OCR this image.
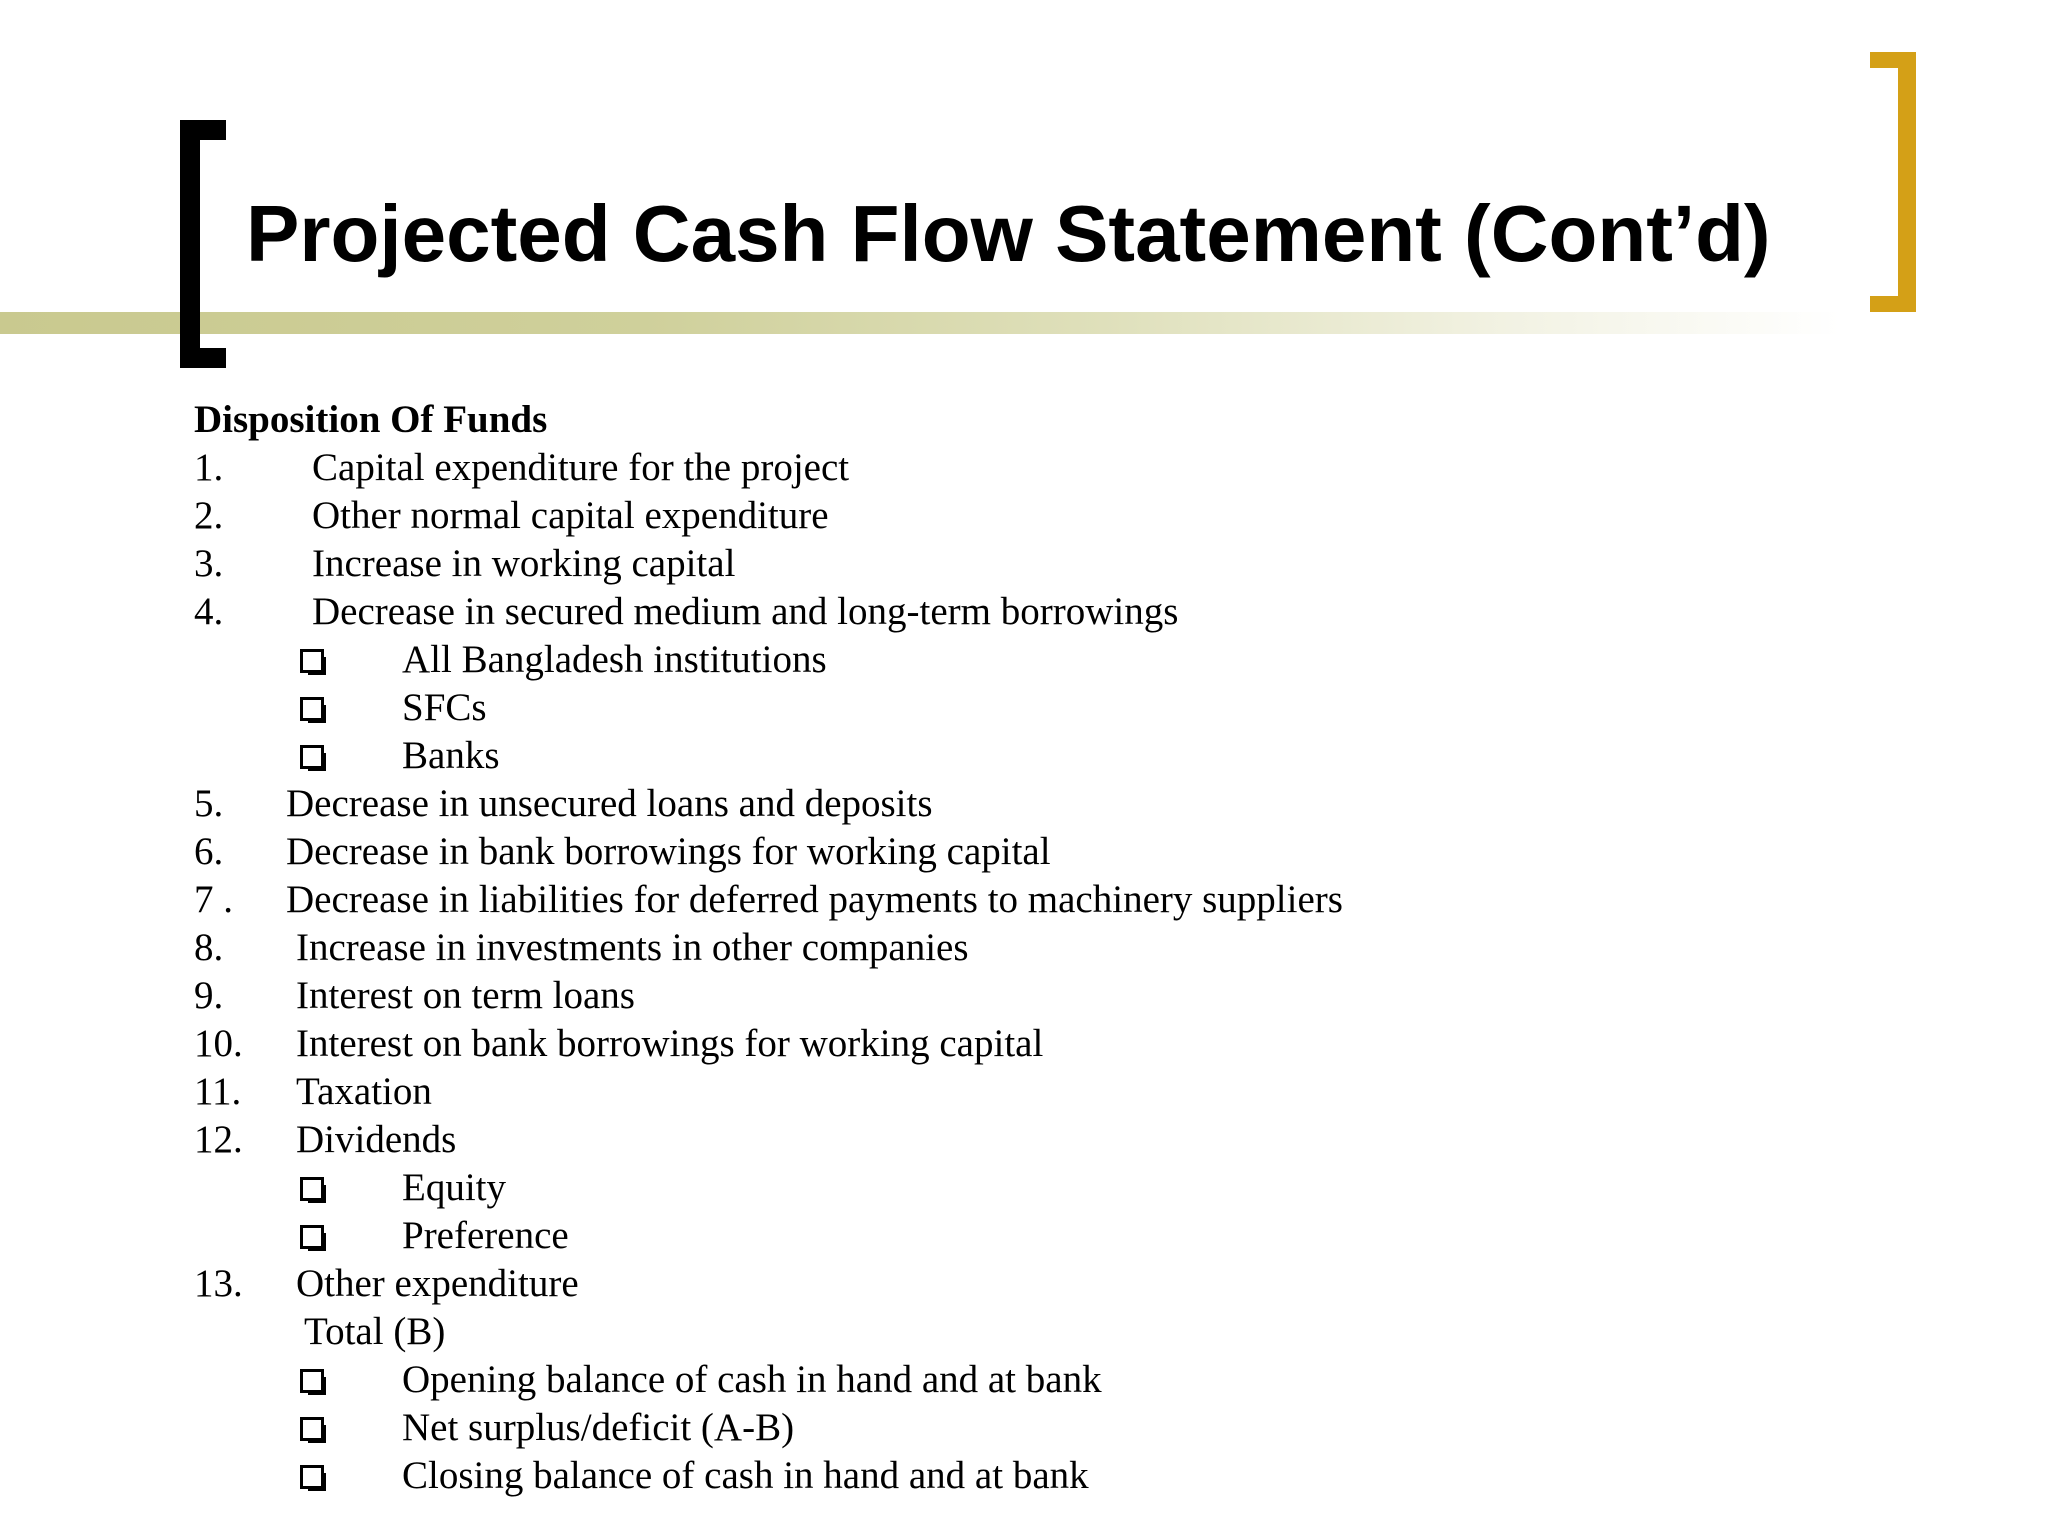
Projected Cash Flow Statement (Cont’d)
Disposition Of Funds
1. Capital expenditure for the project
2. Other normal capital expenditure
3. Increase in working capital
4. Decrease in secured medium and long-term borrowings
All Bangladesh institutions
SFCs
Banks
5. Decrease in unsecured loans and deposits
6. Decrease in bank borrowings for working capital
7 . Decrease in liabilities for deferred payments to machinery suppliers
8. Increase in investments in other companies
9. Interest on term loans
10. Interest on bank borrowings for working capital
11. Taxation
12. Dividends
Equity
Preference
13. Other expenditure
Total (B)
Opening balance of cash in hand and at bank
Net surplus/deficit (A-B)
Closing balance of cash in hand and at bank
